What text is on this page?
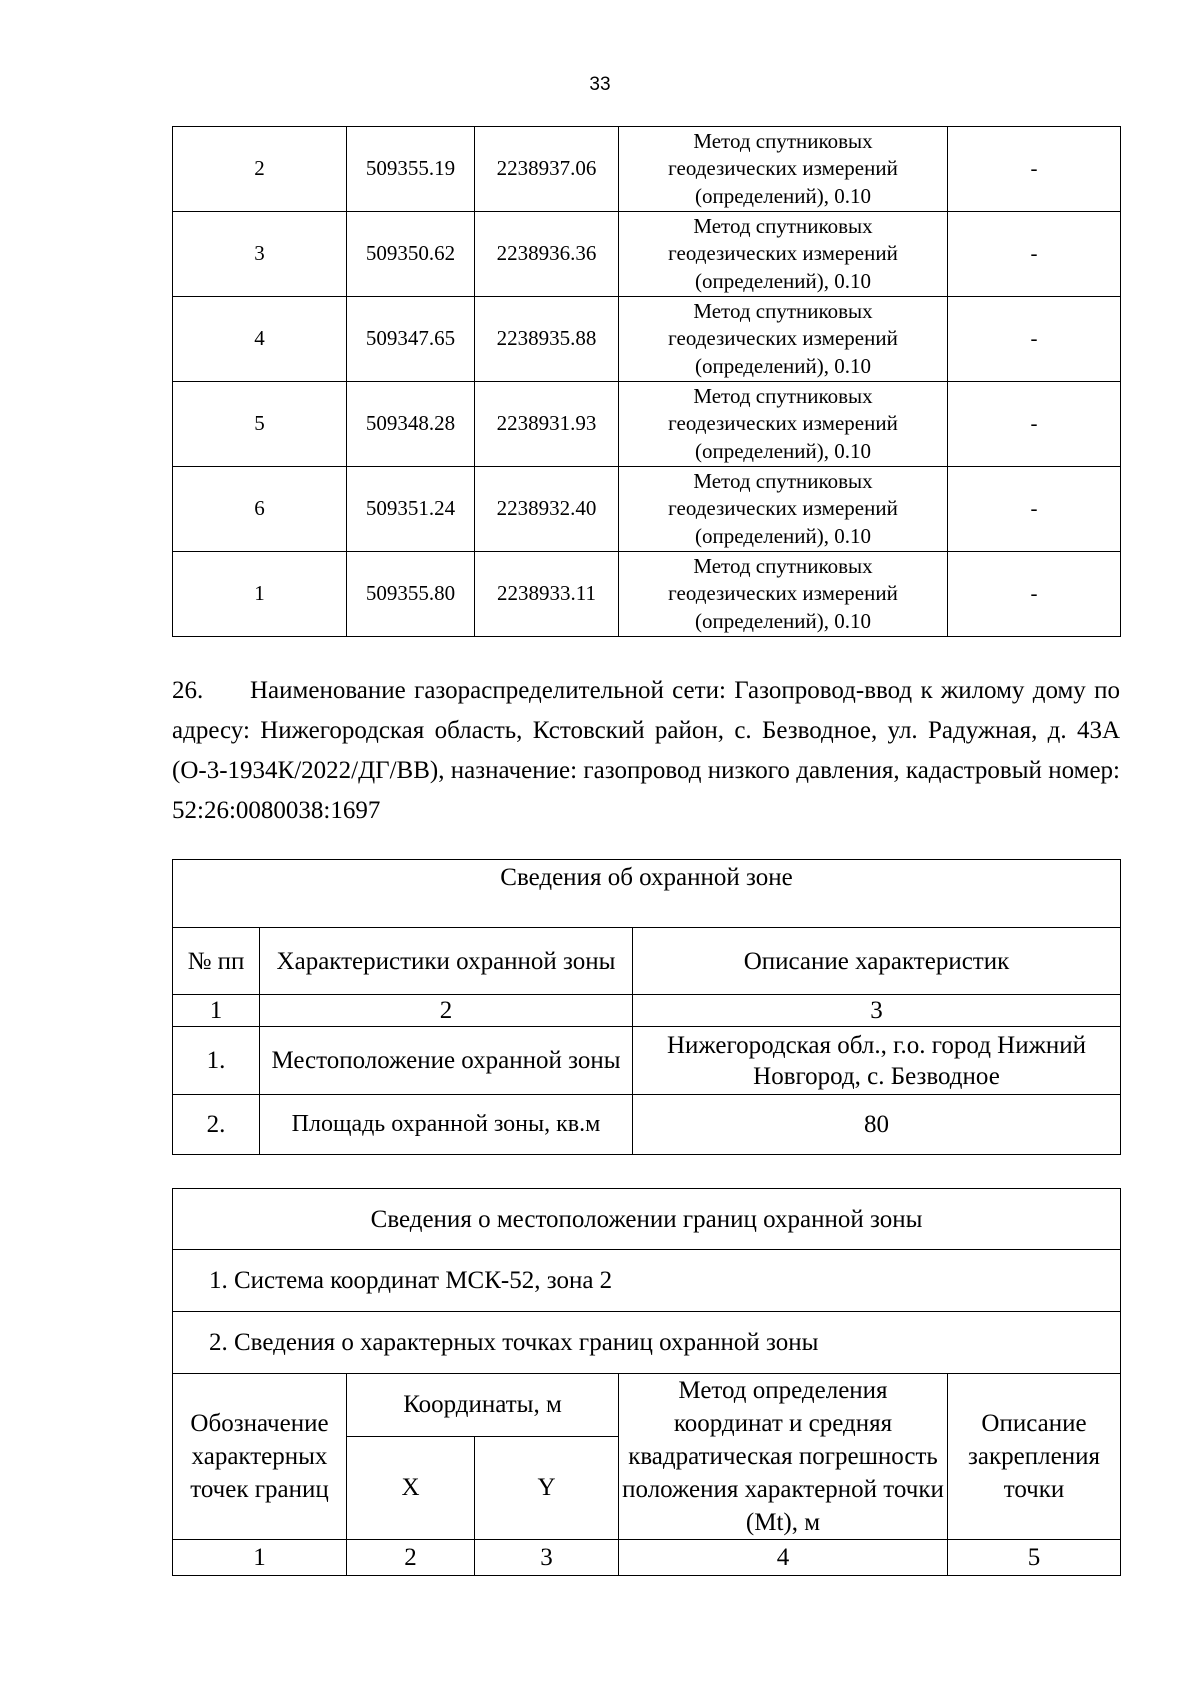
33
2	509355.19	2238937.06	Метод спутниковых
геодезических измерений
(определений), 0.10	-
3	509350.62	2238936.36	Метод спутниковых
геодезических измерений
(определений), 0.10	-
4	509347.65	2238935.88	Метод спутниковых
геодезических измерений
(определений), 0.10	-
5	509348.28	2238931.93	Метод спутниковых
геодезических измерений
(определений), 0.10	-
6	509351.24	2238932.40	Метод спутниковых
геодезических измерений
(определений), 0.10	-
1	509355.80	2238933.11	Метод спутниковых
геодезических измерений
(определений), 0.10	-

26. Наименование газораспределительной сети: Газопровод-ввод к жилому дому по адресу: Нижегородская область, Кстовский район, с. Безводное, ул. Радужная, д. 43А (О-3-1934К/2022/ДГ/ВВ), назначение: газопровод низкого давления, кадастровый номер: 52:26:0080038:1697

Сведения об охранной зоне		
№ пп	Характеристики охранной зоны	Описание характеристик
1	2	3
1.	Местоположение охранной зоны	Нижегородская обл., г.о. город Нижний Новгород, с. Безводное
2.	Площадь охранной зоны, кв.м	80
Сведения о местоположении границ охранной зоны				
1. Система координат МСК-52, зона 2				
2. Сведения о характерных точках границ охранной зоны				
Обозначение характерных точек границ	Координаты, м		Метод определения координат и средняя квадратическая погрешность положения характерной точки (Mt), м	Описание закрепления точки
	X	Y		
1	2	3	4	5
